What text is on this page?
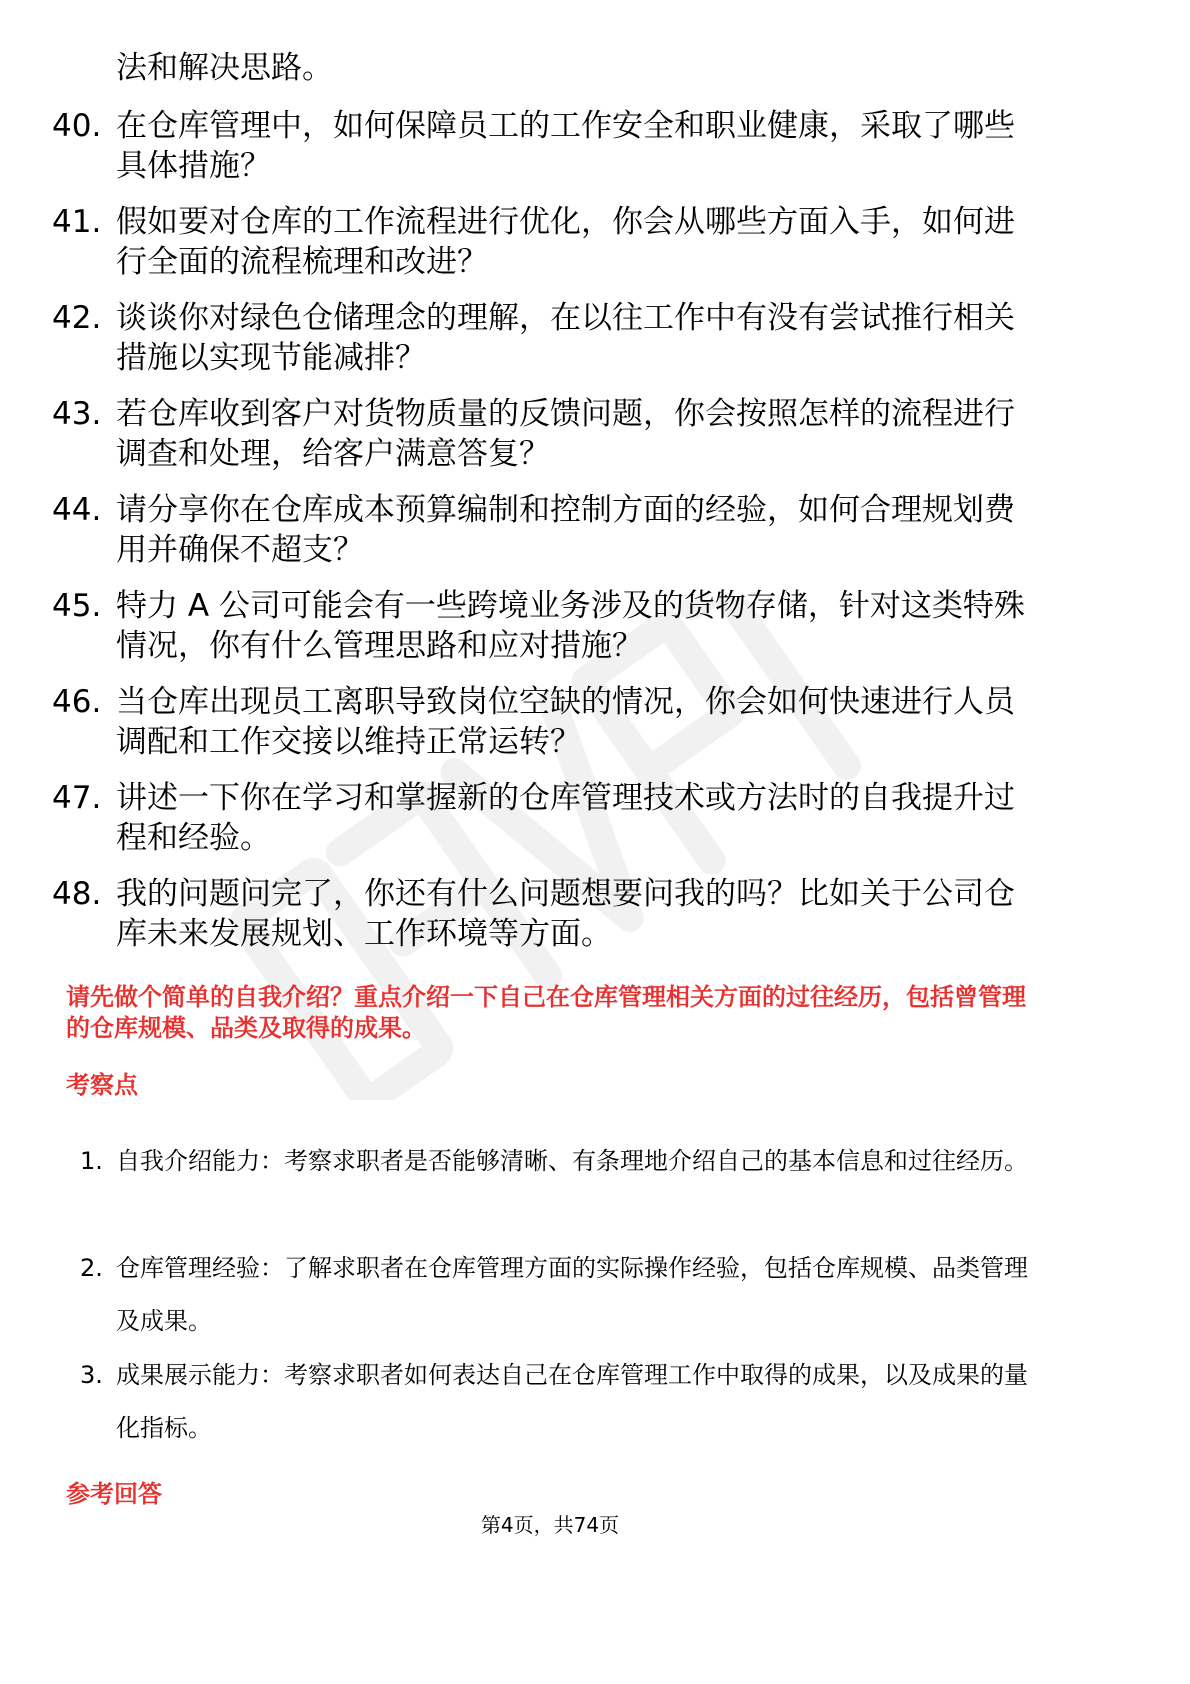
法和解决思路。

40. 在仓库管理中，如何保障员工的工作安全和职业健康，采取了哪些具体措施？

41. 假如要对仓库的工作流程进行优化，你会从哪些方面入手，如何进行全面的流程梳理和改进？

42. 谈谈你对绿色仓储理念的理解，在以往工作中有没有尝试推行相关措施以实现节能减排？

43. 若仓库收到客户对货物质量的反馈问题，你会按照怎样的流程进行调查和处理，给客户满意答复？

44. 请分享你在仓库成本预算编制和控制方面的经验，如何合理规划费用并确保不超支？

45. 特力 A 公司可能会有一些跨境业务涉及的货物存储，针对这类特殊情况，你有什么管理思路和应对措施？

46. 当仓库出现员工离职导致岗位空缺的情况，你会如何快速进行人员调配和工作交接以维持正常运转？

47. 讲述一下你在学习和掌握新的仓库管理技术或方法时的自我提升过程和经验。

48. 我的问题问完了，你还有什么问题想要问我的吗？比如关于公司仓库未来发展规划、工作环境等方面。

请先做个简单的自我介绍？重点介绍一下自己在仓库管理相关方面的过往经历，包括曾管理的仓库规模、品类及取得的成果。

考察点

1. 自我介绍能力：考察求职者是否能够清晰、有条理地介绍自己的基本信息和过往经历。

2. 仓库管理经验：了解求职者在仓库管理方面的实际操作经验，包括仓库规模、品类管理及成果。

3. 成果展示能力：考察求职者如何表达自己在仓库管理工作中取得的成果，以及成果的量化指标。

参考回答

第4页，共74页
